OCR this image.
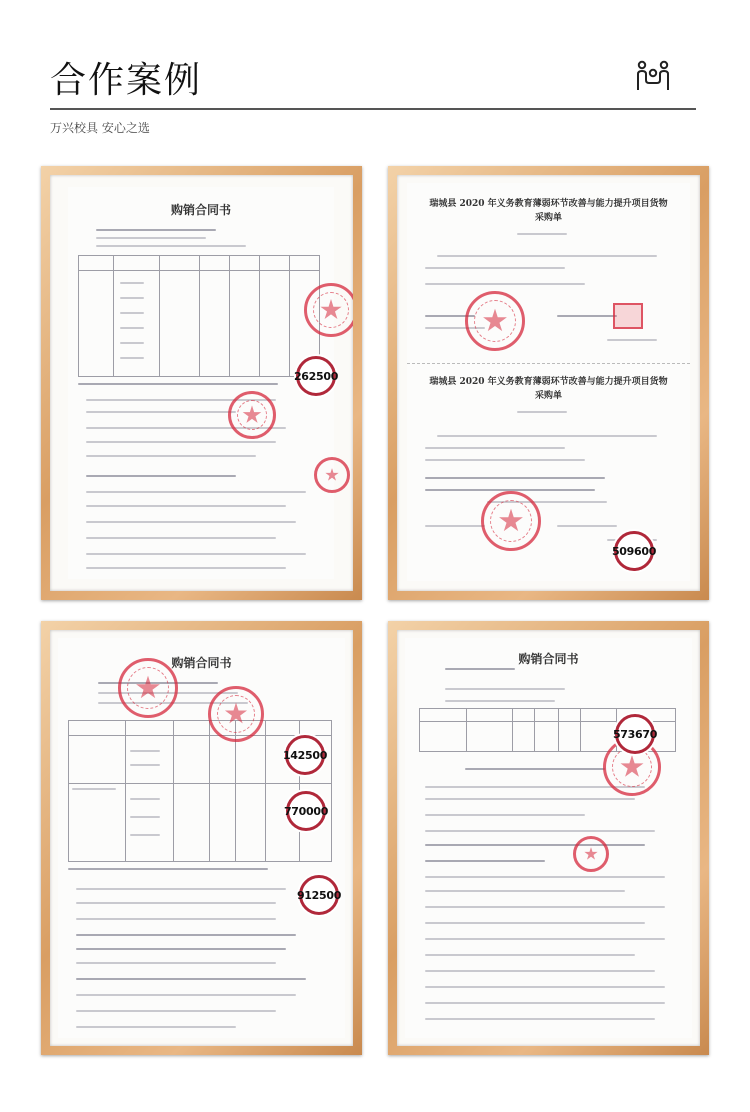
合作案例
万兴校具 安心之选
购销合同书
262500
瑞城县 2020 年义务教育薄弱环节改善与能力提升项目货物采购单
瑞城县 2020 年义务教育薄弱环节改善与能力提升项目货物采购单
509600
购销合同书
142500
770000
912500
购销合同书
573670
